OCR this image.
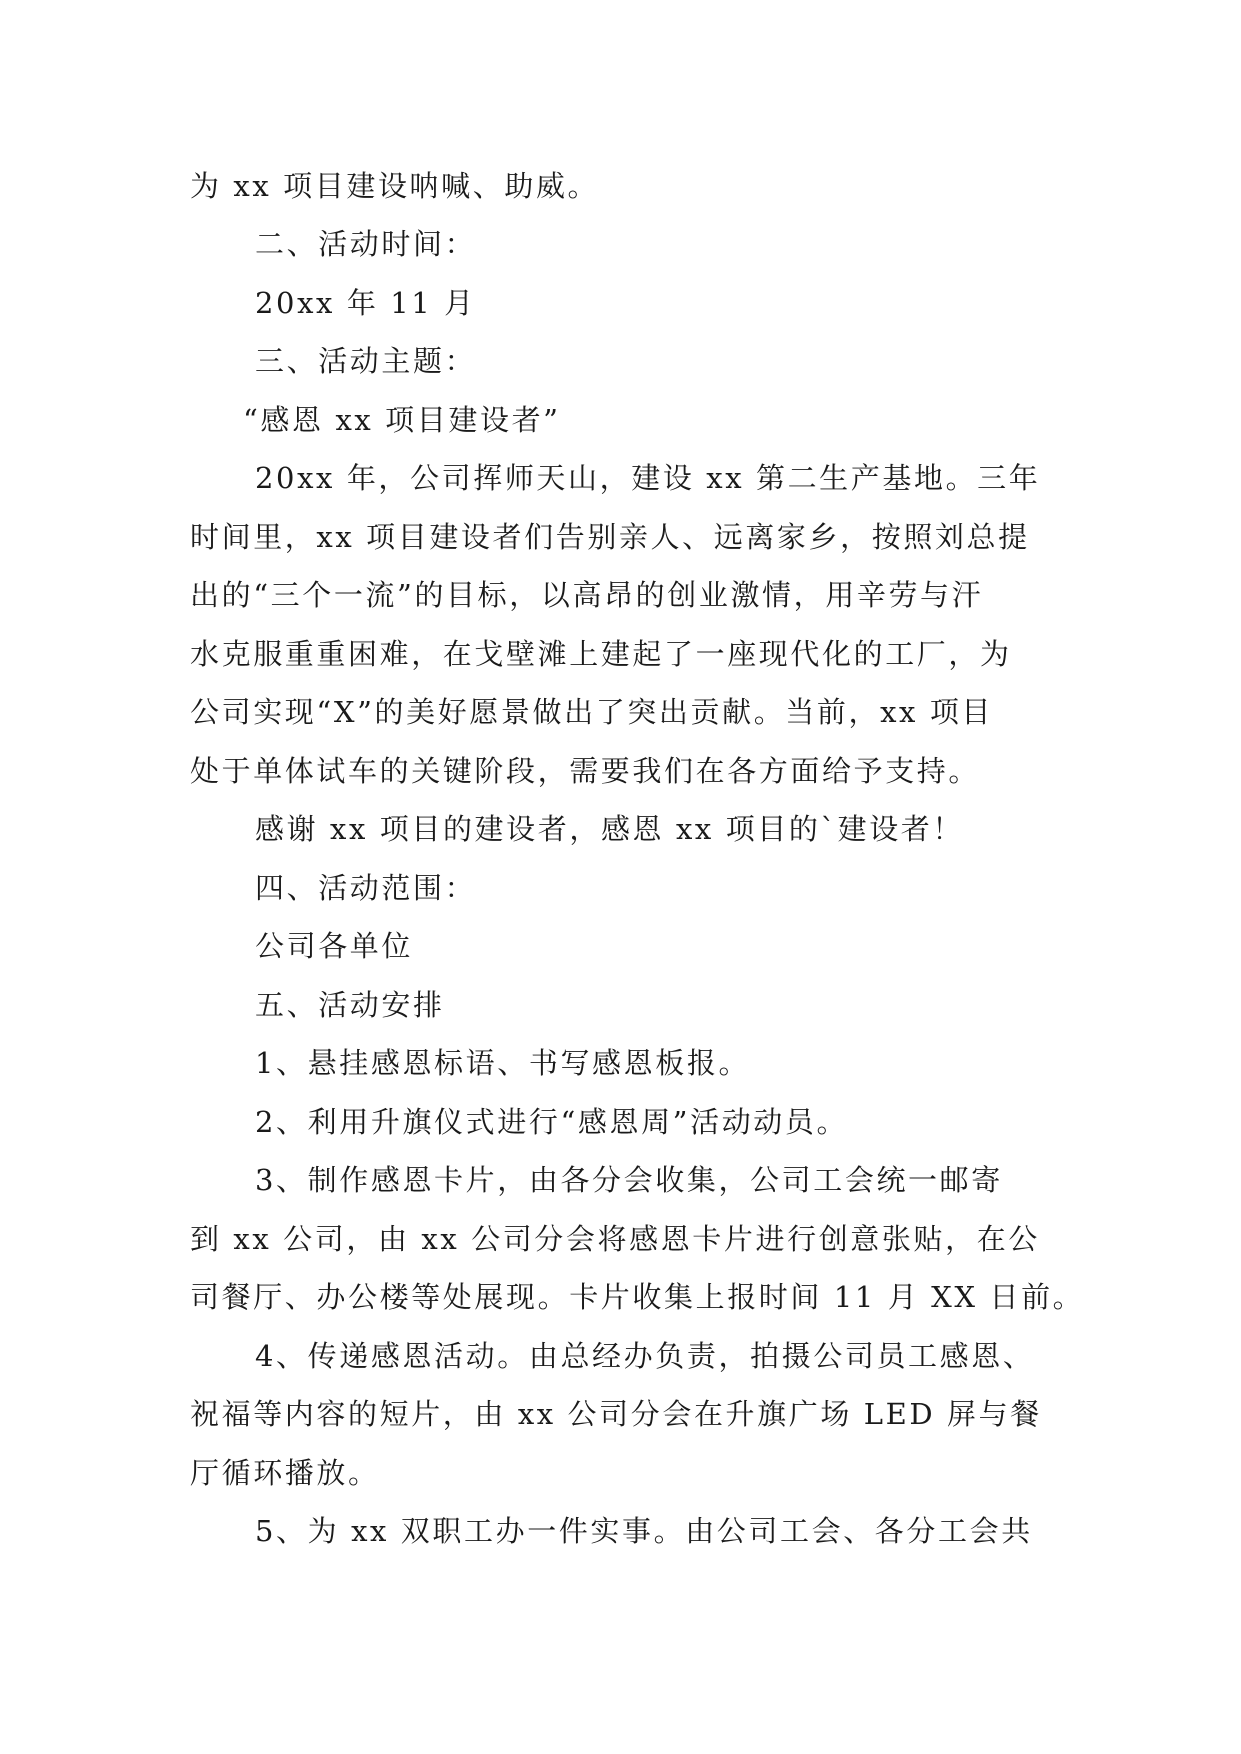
为 xx 项目建设呐喊、助威。
二、活动时间：
20xx 年 11 月
三、活动主题：
“感恩 xx 项目建设者”
20xx 年，公司挥师天山，建设 xx 第二生产基地。三年
时间里，xx 项目建设者们告别亲人、远离家乡，按照刘总提
出的“三个一流”的目标，以高昂的创业激情，用辛劳与汗
水克服重重困难，在戈壁滩上建起了一座现代化的工厂，为
公司实现“X”的美好愿景做出了突出贡献。当前，xx 项目
处于单体试车的关键阶段，需要我们在各方面给予支持。
感谢 xx 项目的建设者，感恩 xx 项目的`建设者！
四、活动范围：
公司各单位
五、活动安排
1、悬挂感恩标语、书写感恩板报。
2、利用升旗仪式进行“感恩周”活动动员。
3、制作感恩卡片，由各分会收集，公司工会统一邮寄
到 xx 公司，由 xx 公司分会将感恩卡片进行创意张贴，在公
司餐厅、办公楼等处展现。卡片收集上报时间 11 月 XX 日前。
4、传递感恩活动。由总经办负责，拍摄公司员工感恩、
祝福等内容的短片，由 xx 公司分会在升旗广场 LED 屏与餐
厅循环播放。
5、为 xx 双职工办一件实事。由公司工会、各分工会共
